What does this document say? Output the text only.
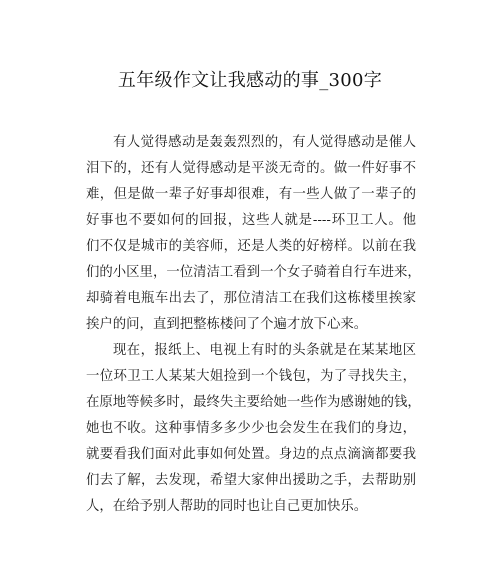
五年级作文让我感动的事_300字
有人觉得感动是轰轰烈烈的，有人觉得感动是催人
泪下的，还有人觉得感动是平淡无奇的。做一件好事不
难，但是做一辈子好事却很难，有一些人做了一辈子的
好事也不要如何的回报，这些人就是----环卫工人。他
们不仅是城市的美容师，还是人类的好榜样。以前在我
们的小区里，一位清洁工看到一个女子骑着自行车进来，
却骑着电瓶车出去了，那位清洁工在我们这栋楼里挨家
挨户的问，直到把整栋楼问了个遍才放下心来。
现在，报纸上、电视上有时的头条就是在某某地区
一位环卫工人某某大姐捡到一个钱包，为了寻找失主，
在原地等候多时，最终失主要给她一些作为感谢她的钱，
她也不收。这种事情多多少少也会发生在我们的身边，
就要看我们面对此事如何处置。身边的点点滴滴都要我
们去了解，去发现，希望大家伸出援助之手，去帮助别
人，在给予别人帮助的同时也让自己更加快乐。
